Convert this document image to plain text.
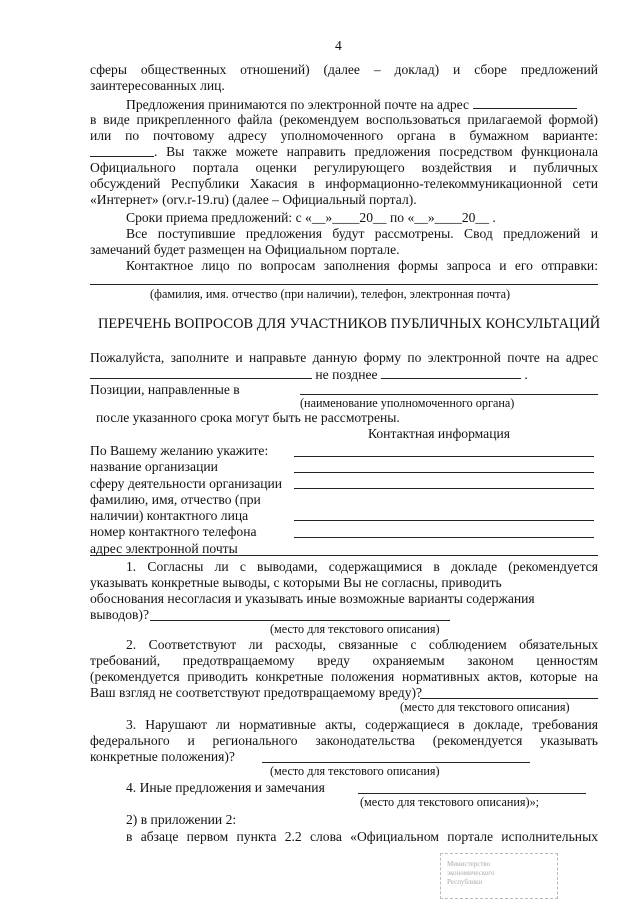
4
сферы общественных отношений) (далее – доклад) и сборе предложений
заинтересованных лиц.
Предложения принимаются по электронной почте на адрес
в виде прикрепленного файла (рекомендуем воспользоваться прилагаемой формой)
или по почтовому адресу уполномоченного органа в бумажном варианте:
. Вы также можете направить предложения посредством функционала
Официального портала оценки регулирующего воздействия и публичных
обсуждений Республики Хакасия в информационно-телекоммуникационной сети
«Интернет» (orv.r-19.ru) (далее – Официальный портал).
Сроки приема предложений: с «__»____20__ по «__»____20__ .
Все поступившие предложения будут рассмотрены. Свод предложений и
замечаний будет размещен на Официальном портале.
Контактное лицо по вопросам заполнения формы запроса и его отправки:
(фамилия, имя. отчество (при наличии), телефон, электронная почта)
ПЕРЕЧЕНЬ ВОПРОСОВ ДЛЯ УЧАСТНИКОВ ПУБЛИЧНЫХ КОНСУЛЬТАЦИЙ
Пожалуйста, заполните и направьте данную форму по электронной почте на адрес
не позднее	.
Позиции, направленные в
(наименование уполномоченного органа)
после указанного срока могут быть не рассмотрены.
Контактная информация
По Вашему желанию укажите:
название организации
сферу деятельности организации
фамилию, имя, отчество (при
наличии) контактного лица
номер контактного телефона
адрес электронной почты
1. Согласны ли с выводами, содержащимися в докладе (рекомендуется
указывать конкретные выводы, с которыми Вы не согласны, приводить
обоснования несогласия и указывать иные возможные варианты содержания
выводов)?
(место для текстового описания)
2. Соответствуют ли расходы, связанные с соблюдением обязательных
требований, предотвращаемому вреду охраняемым законом ценностям
(рекомендуется приводить конкретные положения нормативных актов, которые на
Ваш взгляд не соответствуют предотвращаемому вреду)?
(место для текстового описания)
3. Нарушают ли нормативные акты, содержащиеся в докладе, требования
федерального и регионального законодательства (рекомендуется указывать
конкретные положения)?
(место для текстового описания)
4. Иные предложения и замечания
(место для текстового описания)»;
2) в приложении 2:
в абзаце первом пункта 2.2 слова «Официальном портале исполнительных
Министерство
экономического
Республики
